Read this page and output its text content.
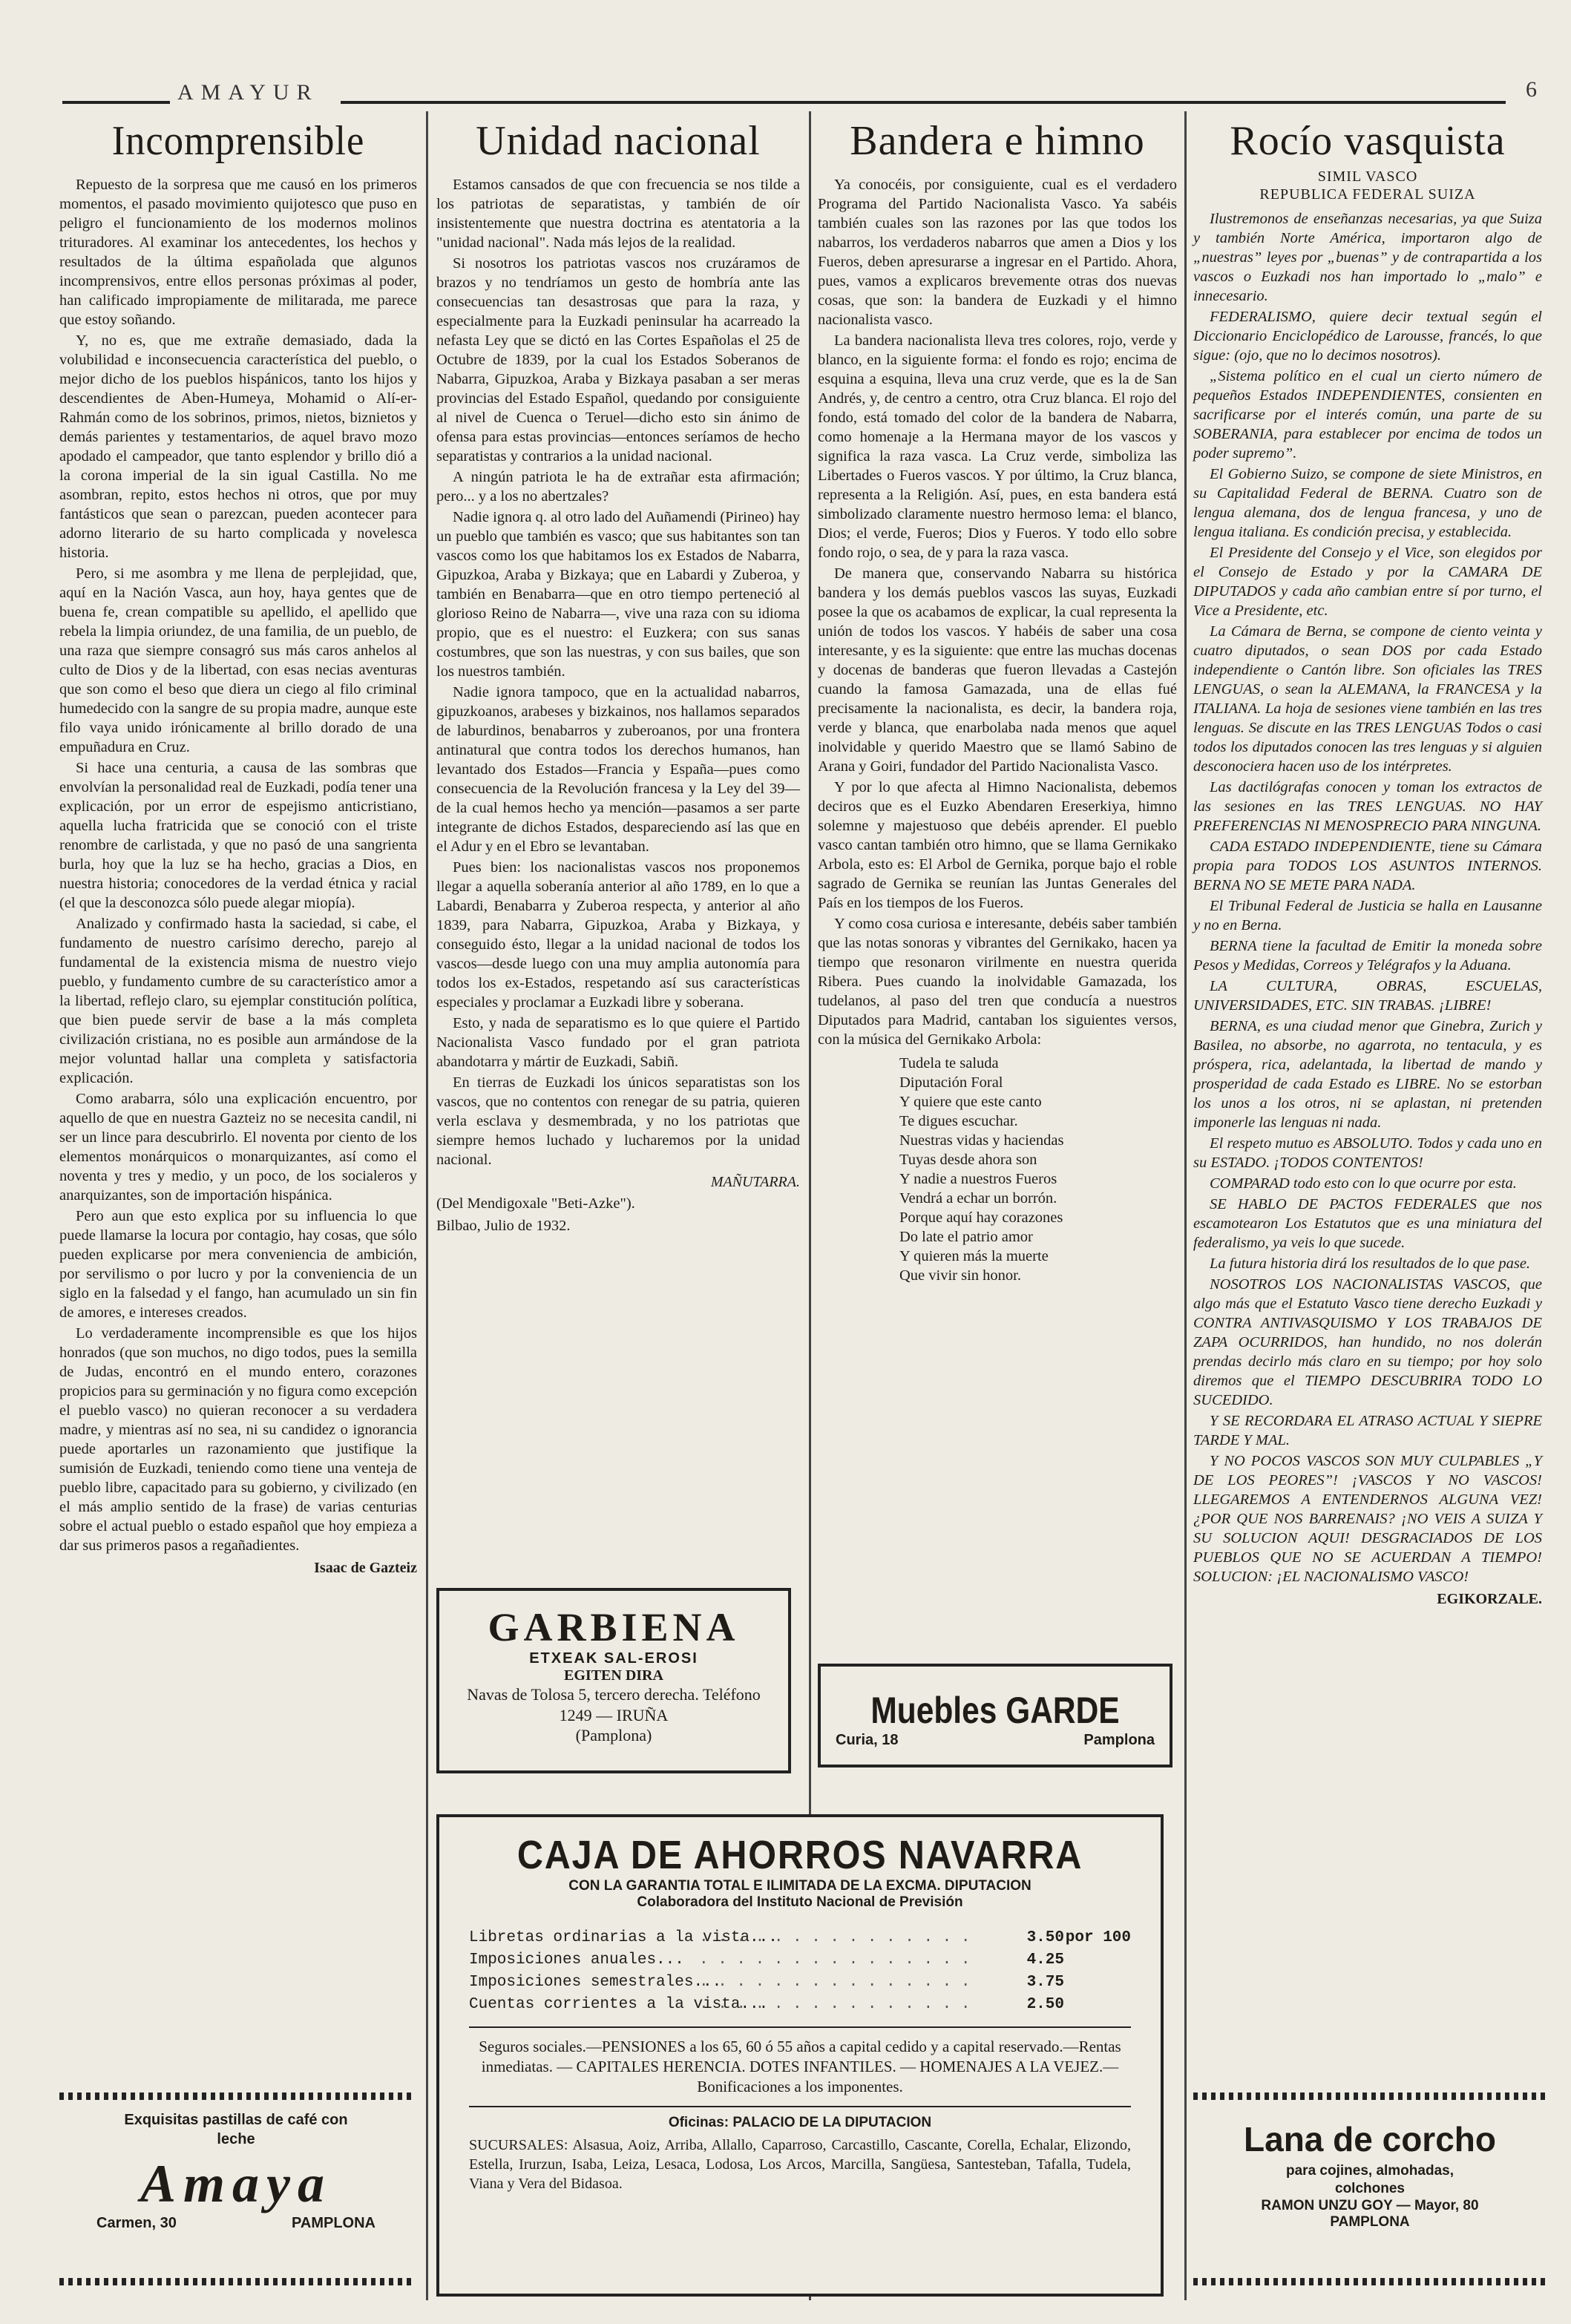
AMAYUR	6
Incomprensible

Repuesto de la sorpresa que me causó en los primeros momentos, el pasado movimiento quijotesco que puso en peligro el funcionamiento de los modernos molinos trituradores. Al examinar los antecedentes, los hechos y resultados de la última españolada que algunos incomprensivos, entre ellos personas próximas al poder, han calificado impropiamente de militarada, me parece que estoy soñando.

Y, no es, que me extrañe demasiado, dada la volubilidad e inconsecuencia característica del pueblo, o mejor dicho de los pueblos hispánicos, tanto los hijos y descendientes de Aben-Humeya, Mohamid o Alí-er-Rahmán como de los sobrinos, primos, nietos, biznietos y demás parientes y testamentarios, de aquel bravo mozo apodado el campeador, que tanto esplendor y brillo dió a la corona imperial de la sin igual Castilla. No me asombran, repito, estos hechos ni otros, que por muy fantásticos que sean o parezcan, pueden acontecer para adorno literario de su harto complicada y novelesca historia.

Pero, si me asombra y me llena de perplejidad, que, aquí en la Nación Vasca, aun hoy, haya gentes que de buena fe, crean compatible su apellido, el apellido que rebela la limpia oriundez, de una familia, de un pueblo, de una raza que siempre consagró sus más caros anhelos al culto de Dios y de la libertad, con esas necias aventuras que son como el beso que diera un ciego al filo criminal humedecido con la sangre de su propia madre, aunque este filo vaya unido irónicamente al brillo dorado de una empuñadura en Cruz.

Si hace una centuria, a causa de las sombras que envolvían la personalidad real de Euzkadi, podía tener una explicación, por un error de espejismo anticristiano, aquella lucha fratricida que se conoció con el triste renombre de carlistada, y que no pasó de una sangrienta burla, hoy que la luz se ha hecho, gracias a Dios, en nuestra historia; conocedores de la verdad étnica y racial (el que la desconozca sólo puede alegar miopía).

Analizado y confirmado hasta la saciedad, si cabe, el fundamento de nuestro carísimo derecho, parejo al fundamental de la existencia misma de nuestro viejo pueblo, y fundamento cumbre de su característico amor a la libertad, reflejo claro, su ejemplar constitución política, que bien puede servir de base a la más completa civilización cristiana, no es posible aun armándose de la mejor voluntad hallar una completa y satisfactoria explicación.

Como arabarra, sólo una explicación encuentro, por aquello de que en nuestra Gazteiz no se necesita candil, ni ser un lince para descubrirlo. El noventa por ciento de los elementos monárquicos o monarquizantes, así como el noventa y tres y medio, y un poco, de los socialeros y anarquizantes, son de importación hispánica.

Pero aun que esto explica por su influencia lo que puede llamarse la locura por contagio, hay cosas, que sólo pueden explicarse por mera conveniencia de ambición, por servilismo o por lucro y por la conveniencia de un siglo en la falsedad y el fango, han acumulado un sin fin de amores, e intereses creados.

Lo verdaderamente incomprensible es que los hijos honrados (que son muchos, no digo todos, pues la semilla de Judas, encontró en el mundo entero, corazones propicios para su germinación y no figura como excepción el pueblo vasco) no quieran reconocer a su verdadera madre, y mientras así no sea, ni su candidez o ignorancia puede aportarles un razonamiento que justifique la sumisión de Euzkadi, teniendo como tiene una venteja de pueblo libre, capacitado para su gobierno, y civilizado (en el más amplio sentido de la frase) de varias centurias sobre el actual pueblo o estado español que hoy empieza a dar sus primeros pasos a regañadientes.

Isaac de Gazteiz
Unidad nacional

Estamos cansados de que con frecuencia se nos tilde a los patriotas de separatistas, y también de oír insistentemente que nuestra doctrina es atentatoria a la "unidad nacional". Nada más lejos de la realidad.

Si nosotros los patriotas vascos nos cruzáramos de brazos y no tendríamos un gesto de hombría ante las consecuencias tan desastrosas que para la raza, y especialmente para la Euzkadi peninsular ha acarreado la nefasta Ley que se dictó en las Cortes Españolas el 25 de Octubre de 1839, por la cual los Estados Soberanos de Nabarra, Gipuzkoa, Araba y Bizkaya pasaban a ser meras provincias del Estado Español, quedando por consiguiente al nivel de Cuenca o Teruel—dicho esto sin ánimo de ofensa para estas provincias—entonces seríamos de hecho separatistas y contrarios a la unidad nacional.

A ningún patriota le ha de extrañar esta afirmación; pero... y a los no abertzales?

Nadie ignora q. al otro lado del Auñamendi (Pirineo) hay un pueblo que también es vasco; que sus habitantes son tan vascos como los que habitamos los ex Estados de Nabarra, Gipuzkoa, Araba y Bizkaya; que en Labardi y Zuberoa, y también en Benabarra—que en otro tiempo perteneció al glorioso Reino de Nabarra—, vive una raza con su idioma propio, que es el nuestro: el Euzkera; con sus sanas costumbres, que son las nuestras, y con sus bailes, que son los nuestros también.

Nadie ignora tampoco, que en la actualidad nabarros, gipuzkoanos, arabeses y bizkainos, nos hallamos separados de laburdinos, benabarros y zuberoanos, por una frontera antinatural que contra todos los derechos humanos, han levantado dos Estados—Francia y España—pues como consecuencia de la Revolución francesa y la Ley del 39—de la cual hemos hecho ya mención—pasamos a ser parte integrante de dichos Estados, despareciendo así las que en el Adur y en el Ebro se levantaban.

Pues bien: los nacionalistas vascos nos proponemos llegar a aquella soberanía anterior al año 1789, en lo que a Labardi, Benabarra y Zuberoa respecta, y anterior al año 1839, para Nabarra, Gipuzkoa, Araba y Bizkaya, y conseguido ésto, llegar a la unidad nacional de todos los vascos—desde luego con una muy amplia autonomía para todos los ex-Estados, respetando así sus características especiales y proclamar a Euzkadi libre y soberana.

Esto, y nada de separatismo es lo que quiere el Partido Nacionalista Vasco fundado por el gran patriota abandotarra y mártir de Euzkadi, Sabiñ.

En tierras de Euzkadi los únicos separatistas son los vascos, que no contentos con renegar de su patria, quieren verla esclava y desmembrada, y no los patriotas que siempre hemos luchado y lucharemos por la unidad nacional.

MAÑUTARRA.
(Del Mendigoxale "Beti-Azke").
Bilbao, Julio de 1932.
Bandera e himno

Ya conocéis, por consiguiente, cual es el verdadero Programa del Partido Nacionalista Vasco. Ya sabéis también cuales son las razones por las que todos los nabarros, los verdaderos nabarros que amen a Dios y los Fueros, deben apresurarse a ingresar en el Partido. Ahora, pues, vamos a explicaros brevemente otras dos nuevas cosas, que son: la bandera de Euzkadi y el himno nacionalista vasco.

La bandera nacionalista lleva tres colores, rojo, verde y blanco, en la siguiente forma: el fondo es rojo; encima de esquina a esquina, lleva una cruz verde, que es la de San Andrés, y, de centro a centro, otra Cruz blanca. El rojo del fondo, está tomado del color de la bandera de Nabarra, como homenaje a la Hermana mayor de los vascos y significa la raza vasca. La Cruz verde, simboliza las Libertades o Fueros vascos. Y por último, la Cruz blanca, representa a la Religión. Así, pues, en esta bandera está simbolizado claramente nuestro hermoso lema: el blanco, Dios; el verde, Fueros; Dios y Fueros. Y todo ello sobre fondo rojo, o sea, de y para la raza vasca.

De manera que, conservando Nabarra su histórica bandera y los demás pueblos vascos las suyas, Euzkadi posee la que os acabamos de explicar, la cual representa la unión de todos los vascos. Y habéis de saber una cosa interesante, y es la siguiente: que entre las muchas docenas y docenas de banderas que fueron llevadas a Castejón cuando la famosa Gamazada, una de ellas fué precisamente la nacionalista, es decir, la bandera roja, verde y blanca, que enarbolaba nada menos que aquel inolvidable y querido Maestro que se llamó Sabino de Arana y Goiri, fundador del Partido Nacionalista Vasco.

Y por lo que afecta al Himno Nacionalista, debemos deciros que es el Euzko Abendaren Ereserkiya, himno solemne y majestuoso que debéis aprender. El pueblo vasco cantan también otro himno, que se llama Gernikako Arbola, esto es: El Arbol de Gernika, porque bajo el roble sagrado de Gernika se reunían las Juntas Generales del País en los tiempos de los Fueros.

Y como cosa curiosa e interesante, debéis saber también que las notas sonoras y vibrantes del Gernikako, hacen ya tiempo que resonaron virilmente en nuestra querida Ribera. Pues cuando la inolvidable Gamazada, los tudelanos, al paso del tren que conducía a nuestros Diputados para Madrid, cantaban los siguientes versos, con la música del Gernikako Arbola:

Tudela te saluda
Diputación Foral
Y quiere que este canto
Te digues escuchar.
Nuestras vidas y haciendas
Tuyas desde ahora son
Y nadie a nuestros Fueros
Vendrá a echar un borrón.
Porque aquí hay corazones
Do late el patrio amor
Y quieren más la muerte
Que vivir sin honor.
Rocío vasquista
SIMIL VASCO
REPUBLICA FEDERAL SUIZA

Ilustremonos de enseñanzas necesarias, ya que Suiza y también Norte América, importaron algo de „nuestras” leyes por „buenas” y de contrapartida a los vascos o Euzkadi nos han importado lo „malo” e innecesario.

FEDERALISMO, quiere decir textual según el Diccionario Enciclopédico de Larousse, francés, lo que sigue: (ojo, que no lo decimos nosotros).

„Sistema político en el cual un cierto número de pequeños Estados INDEPENDIENTES, consienten en sacrificarse por el interés común, una parte de su SOBERANIA, para establecer por encima de todos un poder supremo”.

El Gobierno Suizo, se compone de siete Ministros, en su Capitalidad Federal de BERNA. Cuatro son de lengua alemana, dos de lengua francesa, y uno de lengua italiana. Es condición precisa, y establecida.

El Presidente del Consejo y el Vice, son elegidos por el Consejo de Estado y por la CAMARA DE DIPUTADOS y cada año cambian entre sí por turno, el Vice a Presidente, etc.

La Cámara de Berna, se compone de ciento veinta y cuatro diputados, o sean DOS por cada Estado independiente o Cantón libre. Son oficiales las TRES LENGUAS, o sean la ALEMANA, la FRANCESA y la ITALIANA. La hoja de sesiones viene también en las tres lenguas. Se discute en las TRES LENGUAS Todos o casi todos los diputados conocen las tres lenguas y si alguien desconociera hacen uso de los intérpretes.

Las dactilógrafas conocen y toman los extractos de las sesiones en las TRES LENGUAS. NO HAY PREFERENCIAS NI MENOSPRECIO PARA NINGUNA.

CADA ESTADO INDEPENDIENTE, tiene su Cámara propia para TODOS LOS ASUNTOS INTERNOS. BERNA NO SE METE PARA NADA.

El Tribunal Federal de Justicia se halla en Lausanne y no en Berna.

BERNA tiene la facultad de Emitir la moneda sobre Pesos y Medidas, Correos y Telégrafos y la Aduana.

LA CULTURA, OBRAS, ESCUELAS, UNIVERSIDADES, ETC. SIN TRABAS. ¡LIBRE!

BERNA, es una ciudad menor que Ginebra, Zurich y Basilea, no absorbe, no agarrota, no tentacula, y es próspera, rica, adelantada, la libertad de mando y prosperidad de cada Estado es LIBRE. No se estorban los unos a los otros, ni se aplastan, ni pretenden imponerle las lenguas ni nada.

El respeto mutuo es ABSOLUTO. Todos y cada uno en su ESTADO. ¡TODOS CONTENTOS!

COMPARAD todo esto con lo que ocurre por esta.

SE HABLO DE PACTOS FEDERALES que nos escamotearon Los Estatutos que es una miniatura del federalismo, ya veis lo que sucede.

La futura historia dirá los resultados de lo que pase.

NOSOTROS LOS NACIONALISTAS VASCOS, que algo más que el Estatuto Vasco tiene derecho Euzkadi y CONTRA ANTIVASQUISMO Y LOS TRABAJOS DE ZAPA OCURRIDOS, han hundido, no nos dolerán prendas decirlo más claro en su tiempo; por hoy solo diremos que el TIEMPO DESCUBRIRA TODO LO SUCEDIDO.

Y SE RECORDARA EL ATRASO ACTUAL Y SIEPRE TARDE Y MAL.

Y NO POCOS VASCOS SON MUY CULPABLES „Y DE LOS PEORES”! ¡VASCOS Y NO VASCOS! LLEGAREMOS A ENTENDERNOS ALGUNA VEZ! ¿POR QUE NOS BARRENAIS? ¡NO VEIS A SUIZA Y SU SOLUCION AQUI! DESGRACIADOS DE LOS PUEBLOS QUE NO SE ACUERDAN A TIEMPO! SOLUCION: ¡EL NACIONALISMO VASCO!

EGIKORZALE.
GARBIENA
ETXEAK SAL-EROSI
EGITEN DIRA
Navas de Tolosa 5, tercero derecha. Teléfono 1249 — IRUÑA
(Pamplona)
Muebles GARDE
Curia, 18	Pamplona
CAJA DE AHORROS NAVARRA
CON LA GARANTIA TOTAL E ILIMITADA DE LA EXCMA. DIPUTACION
Colaboradora del Instituto Nacional de Previsión
Libretas ordinarias a la vista...
. . . . . . . . . . . . . . .	3.50 por 100
Imposiciones anuales... . . . . . . . . . . . . . . .	4.25
Imposiciones semestrales...
. . . . . . . . . . . . . . .	3.75
Cuentas corrientes a la vista...
. . . . . . . . . . . . . . .	2.50
Seguros sociales.—PENSIONES a los 65, 60 ó 55 años a capital cedido y a capital reservado.—Rentas inmediatas. — CAPITALES HERENCIA. DOTES INFANTILES. — HOMENAJES A LA VEJEZ.—Bonificaciones a los imponentes.
Oficinas: PALACIO DE LA DIPUTACION
SUCURSALES: Alsasua, Aoiz, Arriba, Allallo, Caparroso, Carcastillo, Cascante, Corella, Echalar, Elizondo, Estella, Irurzun, Isaba, Leiza, Lesaca, Lodosa, Los Arcos, Marcilla, Sangüesa, Santesteban, Tafalla, Tudela, Viana y Vera del Bidasoa.
Exquisitas pastillas de café con leche
Amaya
Carmen, 30	PAMPLONA
Lana de corcho
para cojines, almohadas, colchones
RAMON UNZU GOY — Mayor, 80
PAMPLONA
